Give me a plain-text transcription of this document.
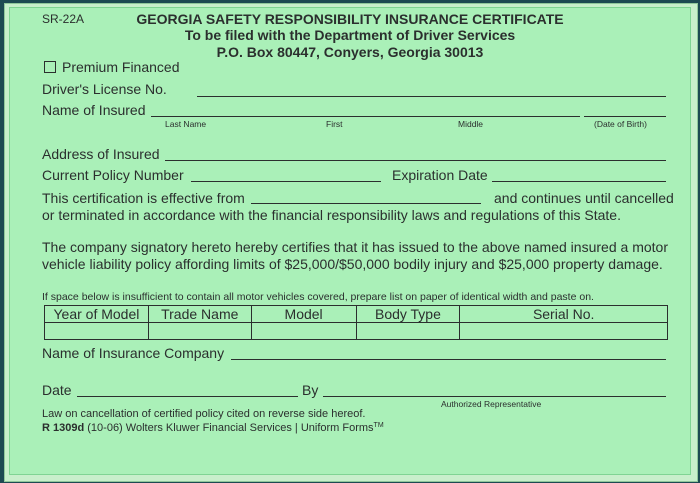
SR-22A	GEORGIA SAFETY RESPONSIBILITY INSURANCE CERTIFICATE
To be filed with the Department of Driver Services
P.O. Box 80447, Conyers, Georgia 30013
Premium Financed
Driver's License No.
Name of Insured
Last Name	First	Middle	(Date of Birth)
Address of Insured
Current Policy Number	Expiration Date
This certification is effective from	and continues until cancelled
or terminated in accordance with the financial responsibility laws and regulations of this State.
The company signatory hereto hereby certifies that it has issued to the above named insured a motor vehicle liability policy affording limits of $25,000/$50,000 bodily injury and $25,000 property damage.
If space below is insufficient to contain all motor vehicles covered, prepare list on paper of identical width and paste on.
Year of Model	Trade Name	Model	Body Type	Serial No.

Name of Insurance Company
Date	By
Authorized Representative
Law on cancellation of certified policy cited on reverse side hereof.
R 1309d (10-06) Wolters Kluwer Financial Services | Uniform Forms™
